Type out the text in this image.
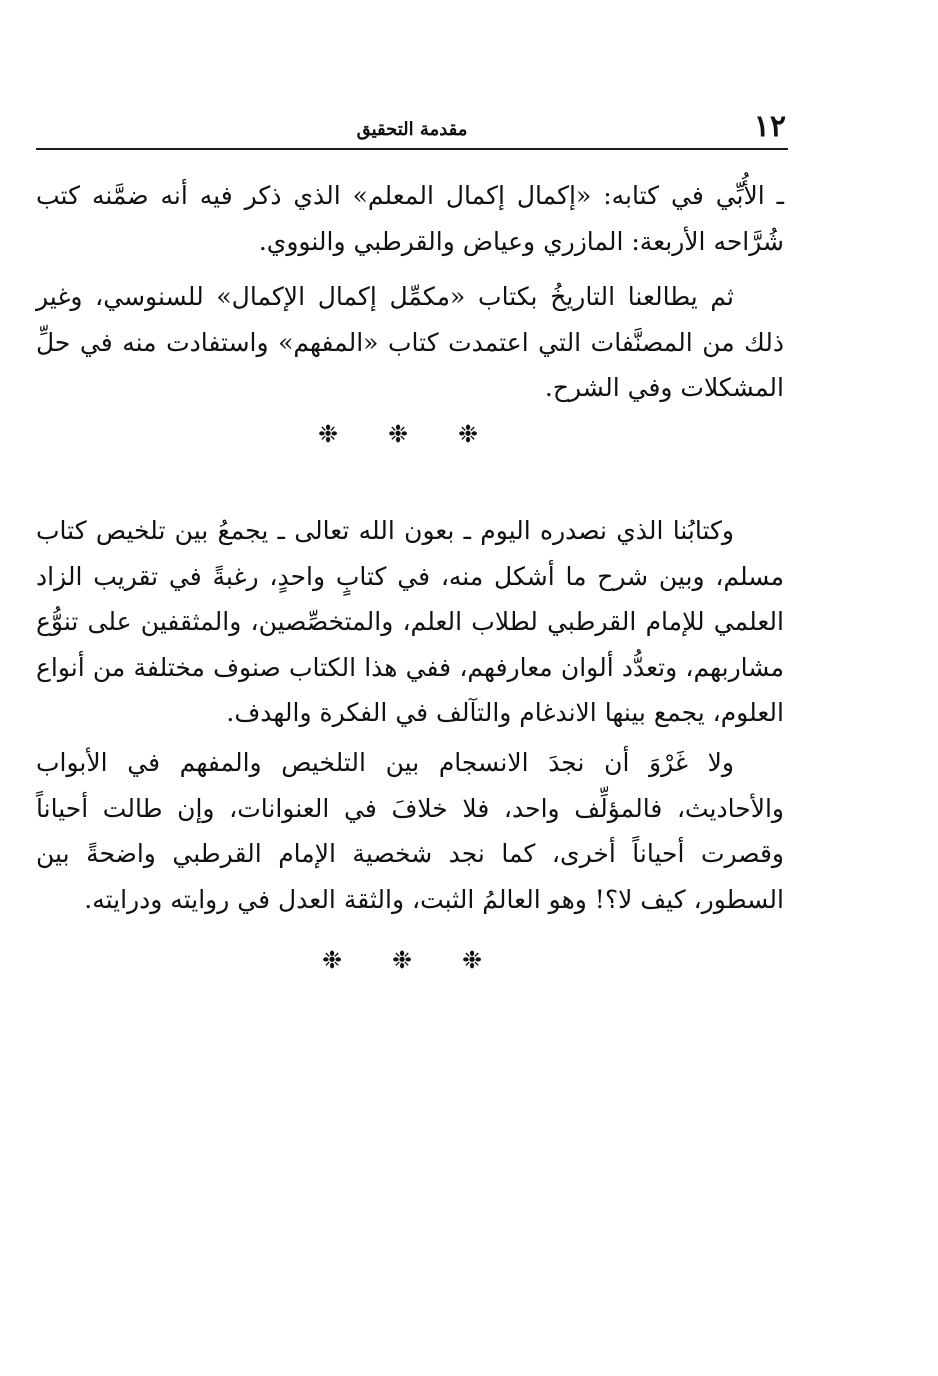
١٢
مقدمة التحقيق

ـ الأُبِّي في كتابه: «إكمال إكمال المعلم» الذي ذكر فيه أنه ضمَّنه كتب شُرَّاحه الأربعة: المازري وعياض والقرطبي والنووي.

ثم يطالعنا التاريخُ بكتاب «مكمِّل إكمال الإكمال» للسنوسي، وغير ذلك من المصنَّفات التي اعتمدت كتاب «المفهم» واستفادت منه في حلِّ المشكلات وفي الشرح.

❉ ❉ ❉

وكتابُنا الذي نصدره اليوم ـ بعون الله تعالى ـ يجمعُ بين تلخيص كتاب مسلم، وبين شرح ما أشكل منه، في كتابٍ واحدٍ، رغبةً في تقريب الزاد العلمي للإمام القرطبي لطلاب العلم، والمتخصِّصين، والمثقفين على تنوُّع مشاربهم، وتعدُّد ألوان معارفهم، ففي هذا الكتاب صنوف مختلفة من أنواع العلوم، يجمع بينها الاندغام والتآلف في الفكرة والهدف.

ولا غَرْوَ أن نجدَ الانسجام بين التلخيص والمفهم في الأبواب والأحاديث، فالمؤلِّف واحد، فلا خلافَ في العنوانات، وإن طالت أحياناً وقصرت أحياناً أخرى، كما نجد شخصية الإمام القرطبي واضحةً بين السطور، كيف لا؟! وهو العالمُ الثبت، والثقة العدل في روايته ودرايته.

❉ ❉ ❉
